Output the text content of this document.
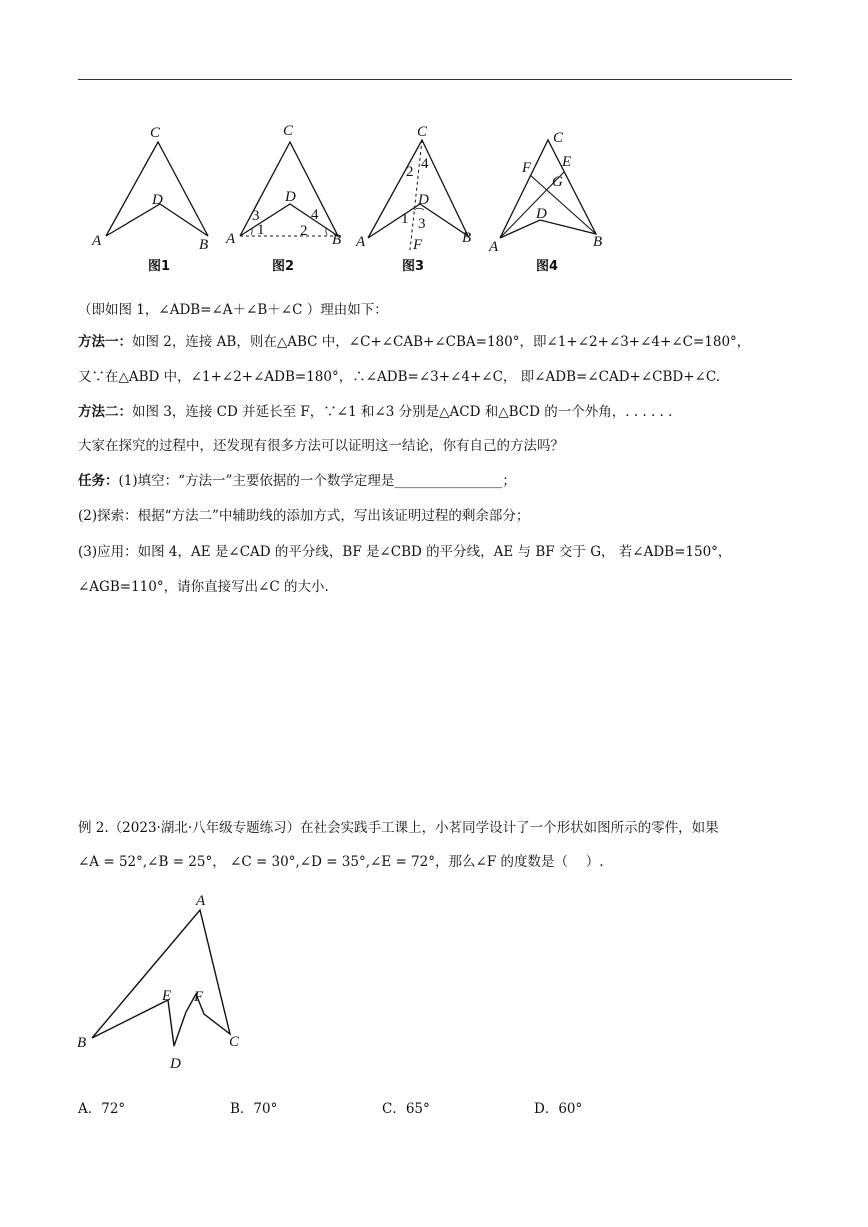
C
D
A	B
图1
C
D
A	B
3
1 2
4
图2
C
D
A	B
F
2 4
1 3
图3
C
E
F
G
D
A	B
图4
（即如图 1，∠ADB=∠A＋∠B＋∠C ）理由如下：
方法一：如图 2，连接 AB，则在△ABC 中，∠C+∠CAB+∠CBA=180°，即∠1+∠2+∠3+∠4+∠C=180°，
又∵在△ABD 中，∠1+∠2+∠ADB=180°，∴∠ADB=∠3+∠4+∠C， 即∠ADB=∠CAD+∠CBD+∠C.
方法二：如图 3，连接 CD 并延长至 F，∵∠1 和∠3 分别是△ACD 和△BCD 的一个外角，. . . . . .
大家在探究的过程中，还发现有很多方法可以证明这一结论，你有自己的方法吗？
任务：(1)填空：“方法一”主要依据的一个数学定理是________________；
(2)探索：根据“方法二”中辅助线的添加方式，写出该证明过程的剩余部分；
(3)应用：如图 4，AE 是∠CAD 的平分线，BF 是∠CBD 的平分线，AE 与 BF 交于 G， 若∠ADB=150°，
∠AGB=110°，请你直接写出∠C 的大小.
例 2.（2023·湖北·八年级专题练习）在社会实践手工课上，小茗同学设计了一个形状如图所示的零件，如果
∠A = 52°,∠B = 25°， ∠C = 30°,∠D = 35°,∠E = 72°，那么∠F 的度数是（　 ）.
A
E F
B	C
D
A．72°	B．70°	C．65°	D．60°
